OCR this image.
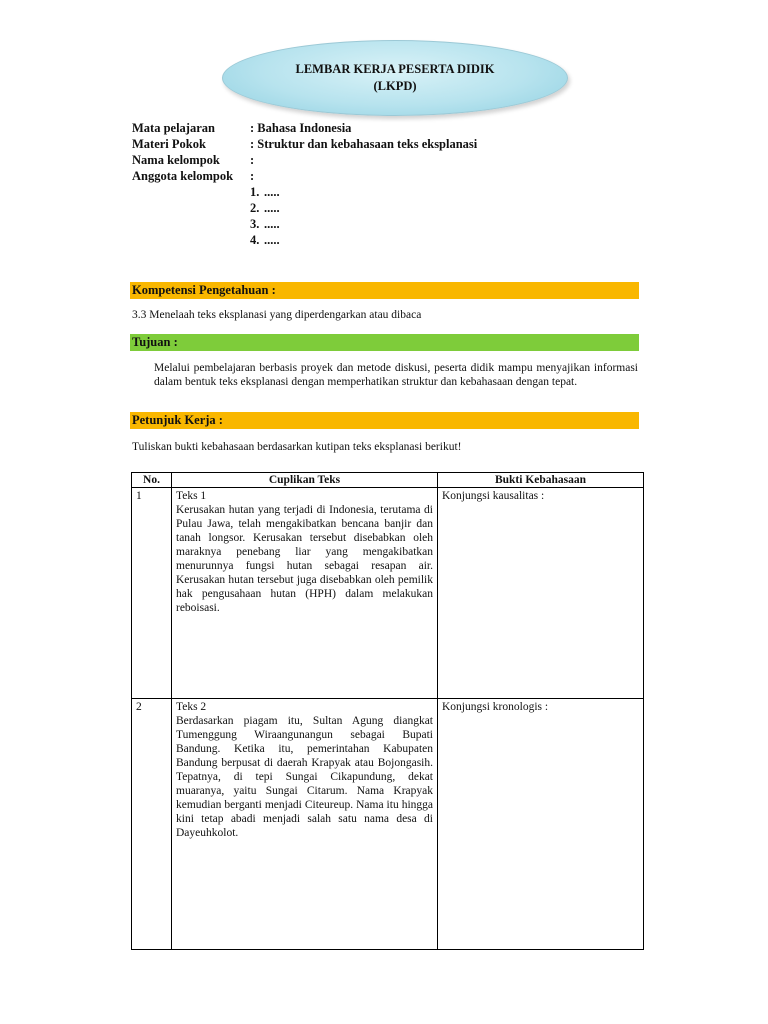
LEMBAR KERJA PESERTA DIDIK
(LKPD)
Mata pelajaran	: Bahasa Indonesia
Materi Pokok	: Struktur dan kebahasaan teks eksplanasi
Nama kelompok	:
Anggota kelompok	:
1. .....
2. .....
3. .....
4. .....
Kompetensi Pengetahuan :
3.3 Menelaah teks eksplanasi yang diperdengarkan atau dibaca
Tujuan :
Melalui pembelajaran berbasis proyek dan metode diskusi, peserta didik mampu menyajikan informasi dalam bentuk teks eksplanasi dengan memperhatikan struktur dan kebahasaan dengan tepat.
Petunjuk Kerja :
Tuliskan bukti kebahasaan berdasarkan kutipan teks eksplanasi berikut!
No.	Cuplikan Teks	Bukti Kebahasaan
1	Teks 1
Kerusakan hutan yang terjadi di Indonesia, terutama di Pulau Jawa, telah mengakibatkan bencana banjir dan tanah longsor. Kerusakan tersebut disebabkan oleh maraknya penebang liar yang mengakibatkan menurunnya fungsi hutan sebagai resapan air. Kerusakan hutan tersebut juga disebabkan oleh pemilik hak pengusahaan hutan (HPH) dalam melakukan reboisasi.	Konjungsi kausalitas :

2	Teks 2
Berdasarkan piagam itu, Sultan Agung diangkat Tumenggung Wiraangunangun sebagai Bupati Bandung. Ketika itu, pemerintahan Kabupaten Bandung berpusat di daerah Krapyak atau Bojongasih. Tepatnya, di tepi Sungai Cikapundung, dekat muaranya, yaitu Sungai Citarum. Nama Krapyak kemudian berganti menjadi Citeureup. Nama itu hingga kini tetap abadi menjadi salah satu nama desa di Dayeuhkolot.	Konjungsi kronologis :
